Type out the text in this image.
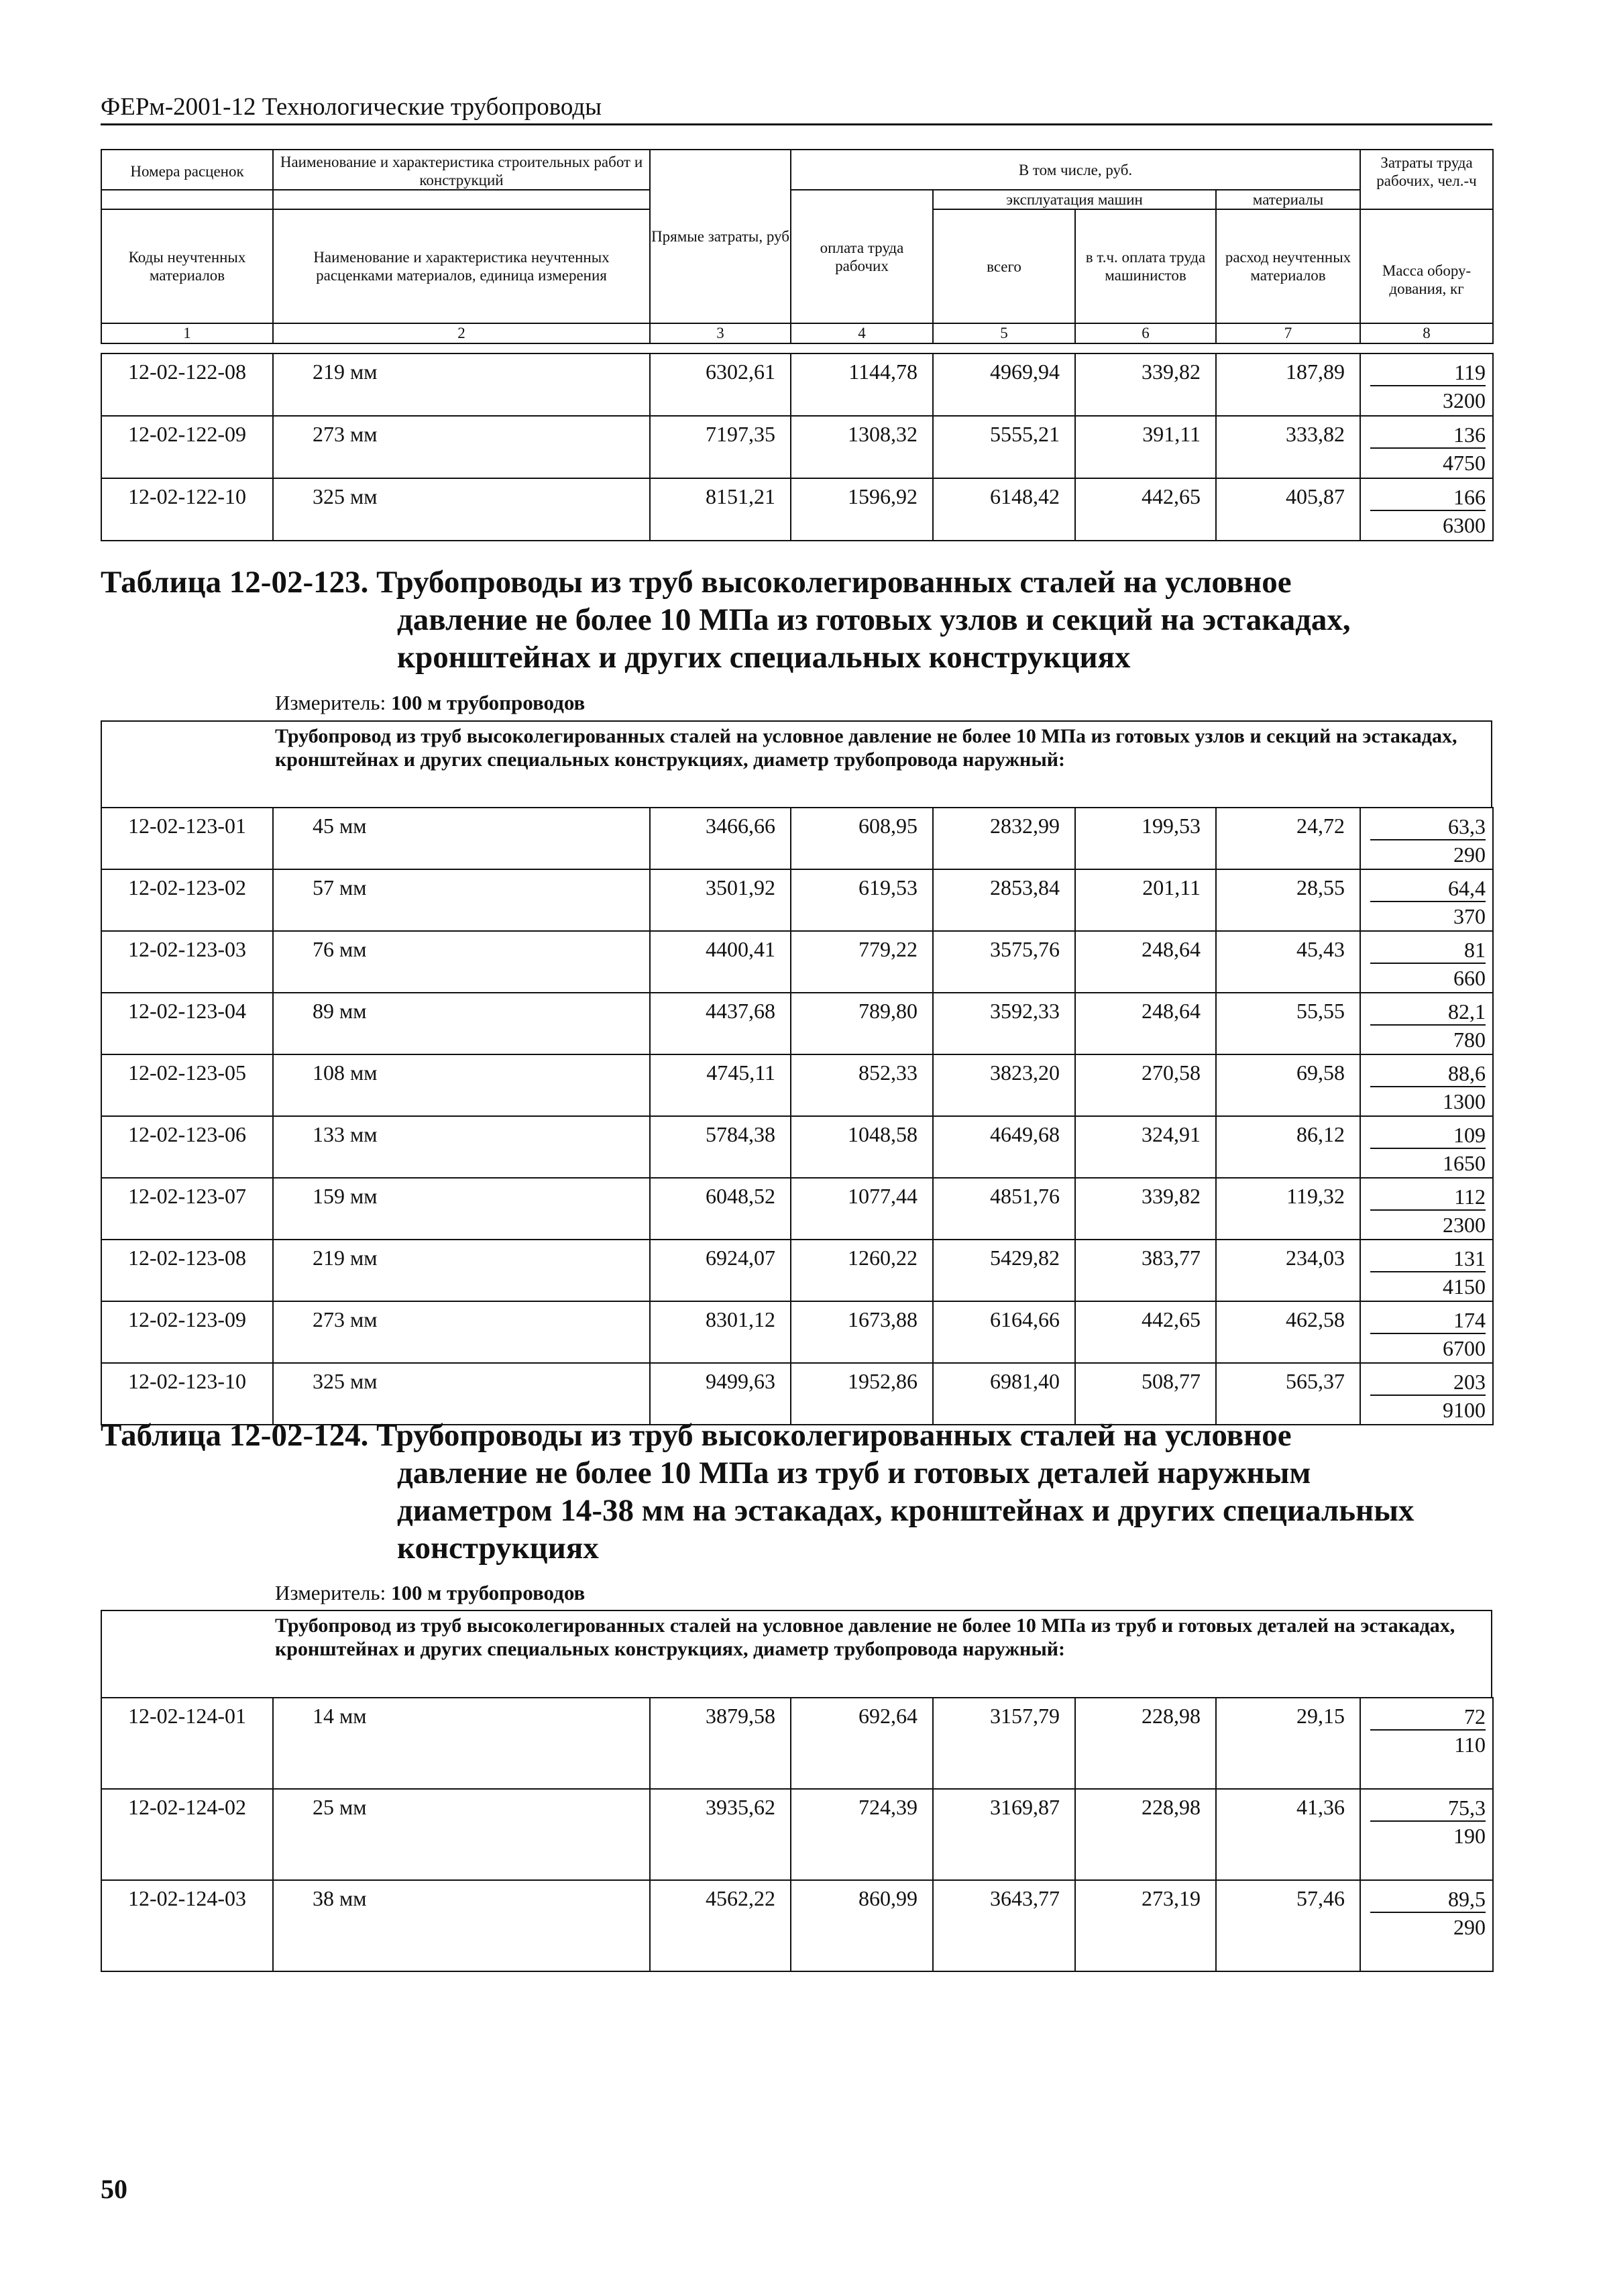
ФЕРм-2001-12 Технологические трубопроводы
Номера расценок	Наименование и характеристика строительных работ и конструкций	Прямые затраты, руб	В том числе, руб.				Затраты труда рабочих, чел.-ч
			оплата труда рабочих	эксплуатация машин		материалы	
Коды неучтенных материалов	Наименование и характеристика неучтенных расценками материалов, единица измерения			всего	в т.ч. оплата труда машинистов	расход неучтенных материалов	Масса обору-дования, кг
1	2	3	4	5	6	7	8
12-02-122-08	219 мм	6302,61	1144,78	4969,94	339,82	187,89	119
3200

12-02-122-09	273 мм	7197,35	1308,32	5555,21	391,11	333,82	136
4750

12-02-122-10	325 мм	8151,21	1596,92	6148,42	442,65	405,87	166
6300
Таблица 12-02-123. Трубопроводы из труб высоколегированных сталей на условное
давление не более 10 МПа из готовых узлов и секций на эстакадах,
кронштейнах и других специальных конструкциях
Измеритель: 100 м трубопроводов
Трубопровод из труб высоколегированных сталей на условное давление не более 10 МПа из готовых узлов и секций на эстакадах, кронштейнах и других специальных конструкциях, диаметр трубопровода наружный:
12-02-123-01	45 мм	3466,66	608,95	2832,99	199,53	24,72	63,3
290

12-02-123-02	57 мм	3501,92	619,53	2853,84	201,11	28,55	64,4
370

12-02-123-03	76 мм	4400,41	779,22	3575,76	248,64	45,43	81
660

12-02-123-04	89 мм	4437,68	789,80	3592,33	248,64	55,55	82,1
780

12-02-123-05	108 мм	4745,11	852,33	3823,20	270,58	69,58	88,6
1300

12-02-123-06	133 мм	5784,38	1048,58	4649,68	324,91	86,12	109
1650

12-02-123-07	159 мм	6048,52	1077,44	4851,76	339,82	119,32	112
2300

12-02-123-08	219 мм	6924,07	1260,22	5429,82	383,77	234,03	131
4150

12-02-123-09	273 мм	8301,12	1673,88	6164,66	442,65	462,58	174
6700

12-02-123-10	325 мм	9499,63	1952,86	6981,40	508,77	565,37	203
9100
Таблица 12-02-124. Трубопроводы из труб высоколегированных сталей на условное
давление не более 10 МПа из труб и готовых деталей наружным
диаметром 14-38 мм на эстакадах, кронштейнах и других специальных
конструкциях
Измеритель: 100 м трубопроводов
Трубопровод из труб высоколегированных сталей на условное давление не более 10 МПа из труб и готовых деталей на эстакадах, кронштейнах и других специальных конструкциях, диаметр трубопровода наружный:
12-02-124-01	14 мм	3879,58	692,64	3157,79	228,98	29,15	72
110

12-02-124-02	25 мм	3935,62	724,39	3169,87	228,98	41,36	75,3
190

12-02-124-03	38 мм	4562,22	860,99	3643,77	273,19	57,46	89,5
290
50
